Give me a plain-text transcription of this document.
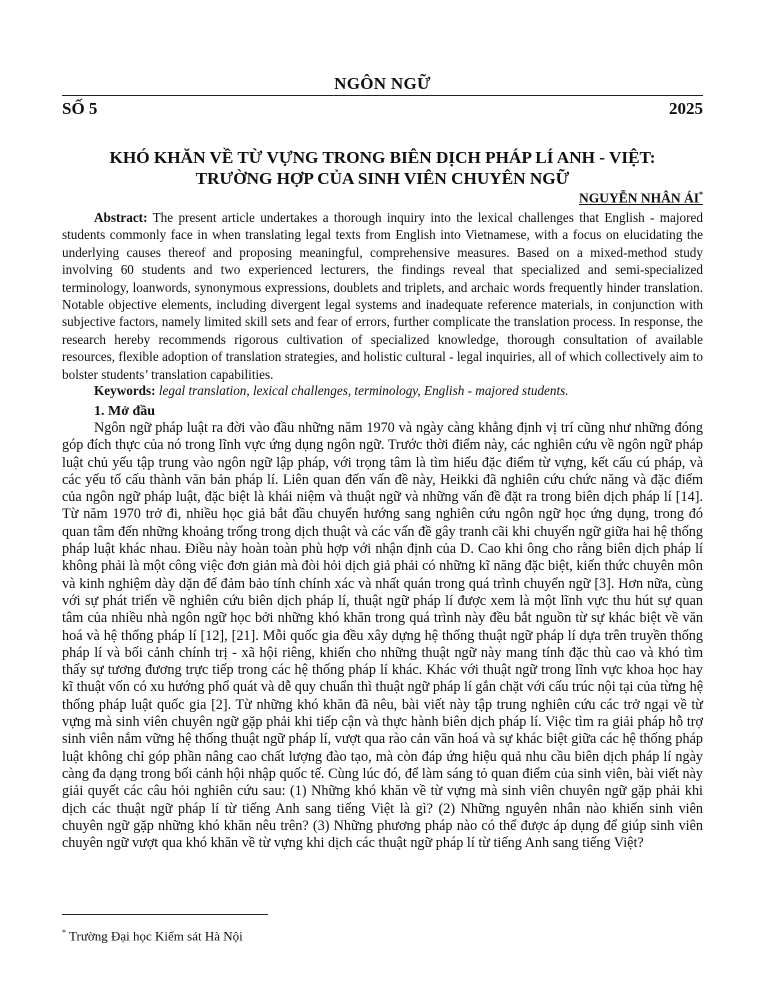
NGÔN NGỮ
SỐ 5	2025
KHÓ KHĂN VỀ TỪ VỰNG TRONG BIÊN DỊCH PHÁP LÍ ANH - VIỆT:
TRƯỜNG HỢP CỦA SINH VIÊN CHUYÊN NGỮ
NGUYỄN NHÂN ÁI*
Abstract: The present article undertakes a thorough inquiry into the lexical challenges that English - majored students commonly face in when translating legal texts from English into Vietnamese, with a focus on elucidating the underlying causes thereof and proposing meaningful, comprehensive measures. Based on a mixed-method study involving 60 students and two experienced lecturers, the findings reveal that specialized and semi-specialized terminology, loanwords, synonymous expressions, doublets and triplets, and archaic words frequently hinder translation. Notable objective elements, including divergent legal systems and inadequate reference materials, in conjunction with subjective factors, namely limited skill sets and fear of errors, further complicate the translation process. In response, the research hereby recommends rigorous cultivation of specialized knowledge, thorough consultation of available resources, flexible adoption of translation strategies, and holistic cultural - legal inquiries, all of which collectively aim to bolster students’ translation capabilities.
Keywords: legal translation, lexical challenges, terminology, English - majored students.
1. Mở đầu
Ngôn ngữ pháp luật ra đời vào đầu những năm 1970 và ngày càng khẳng định vị trí cũng như những đóng góp đích thực của nó trong lĩnh vực ứng dụng ngôn ngữ. Trước thời điểm này, các nghiên cứu về ngôn ngữ pháp luật chủ yếu tập trung vào ngôn ngữ lập pháp, với trọng tâm là tìm hiểu đặc điểm từ vựng, kết cấu cú pháp, và các yếu tố cấu thành văn bản pháp lí. Liên quan đến vấn đề này, Heikki đã nghiên cứu chức năng và đặc điểm của ngôn ngữ pháp luật, đặc biệt là khái niệm và thuật ngữ và những vấn đề đặt ra trong biên dịch pháp lí [14]. Từ năm 1970 trở đi, nhiều học giả bắt đầu chuyển hướng sang nghiên cứu ngôn ngữ học ứng dụng, trong đó quan tâm đến những khoảng trống trong dịch thuật và các vấn đề gây tranh cãi khi chuyển ngữ giữa hai hệ thống pháp luật khác nhau. Điều này hoàn toàn phù hợp với nhận định của D. Cao khi ông cho rằng biên dịch pháp lí không phải là một công việc đơn giản mà đòi hỏi dịch giả phải có những kĩ năng đặc biệt, kiến thức chuyên môn và kinh nghiệm dày dặn để đảm bảo tính chính xác và nhất quán trong quá trình chuyển ngữ [3]. Hơn nữa, cùng với sự phát triển về nghiên cứu biên dịch pháp lí, thuật ngữ pháp lí được xem là một lĩnh vực thu hút sự quan tâm của nhiều nhà ngôn ngữ học bởi những khó khăn trong quá trình này đều bắt nguồn từ sự khác biệt về văn hoá và hệ thống pháp lí [12], [21]. Mỗi quốc gia đều xây dựng hệ thống thuật ngữ pháp lí dựa trên truyền thống pháp lí và bối cảnh chính trị - xã hội riêng, khiến cho những thuật ngữ này mang tính đặc thù cao và khó tìm thấy sự tương đương trực tiếp trong các hệ thống pháp lí khác. Khác với thuật ngữ trong lĩnh vực khoa học hay kĩ thuật vốn có xu hướng phổ quát và dễ quy chuẩn thì thuật ngữ pháp lí gắn chặt với cấu trúc nội tại của từng hệ thống pháp luật quốc gia [2]. Từ những khó khăn đã nêu, bài viết này tập trung nghiên cứu các trở ngại về từ vựng mà sinh viên chuyên ngữ gặp phải khi tiếp cận và thực hành biên dịch pháp lí. Việc tìm ra giải pháp hỗ trợ sinh viên nắm vững hệ thống thuật ngữ pháp lí, vượt qua rào cản văn hoá và sự khác biệt giữa các hệ thống pháp luật không chỉ góp phần nâng cao chất lượng đào tạo, mà còn đáp ứng hiệu quả nhu cầu biên dịch pháp lí ngày càng đa dạng trong bối cảnh hội nhập quốc tế. Cùng lúc đó, để làm sáng tỏ quan điểm của sinh viên, bài viết này giải quyết các câu hỏi nghiên cứu sau: (1) Những khó khăn về từ vựng mà sinh viên chuyên ngữ gặp phải khi dịch các thuật ngữ pháp lí từ tiếng Anh sang tiếng Việt là gì? (2) Những nguyên nhân nào khiến sinh viên chuyên ngữ gặp những khó khăn nêu trên? (3) Những phương pháp nào có thể được áp dụng để giúp sinh viên chuyên ngữ vượt qua khó khăn về từ vựng khi dịch các thuật ngữ pháp lí từ tiếng Anh sang tiếng Việt?
* Trường Đại học Kiểm sát Hà Nội
